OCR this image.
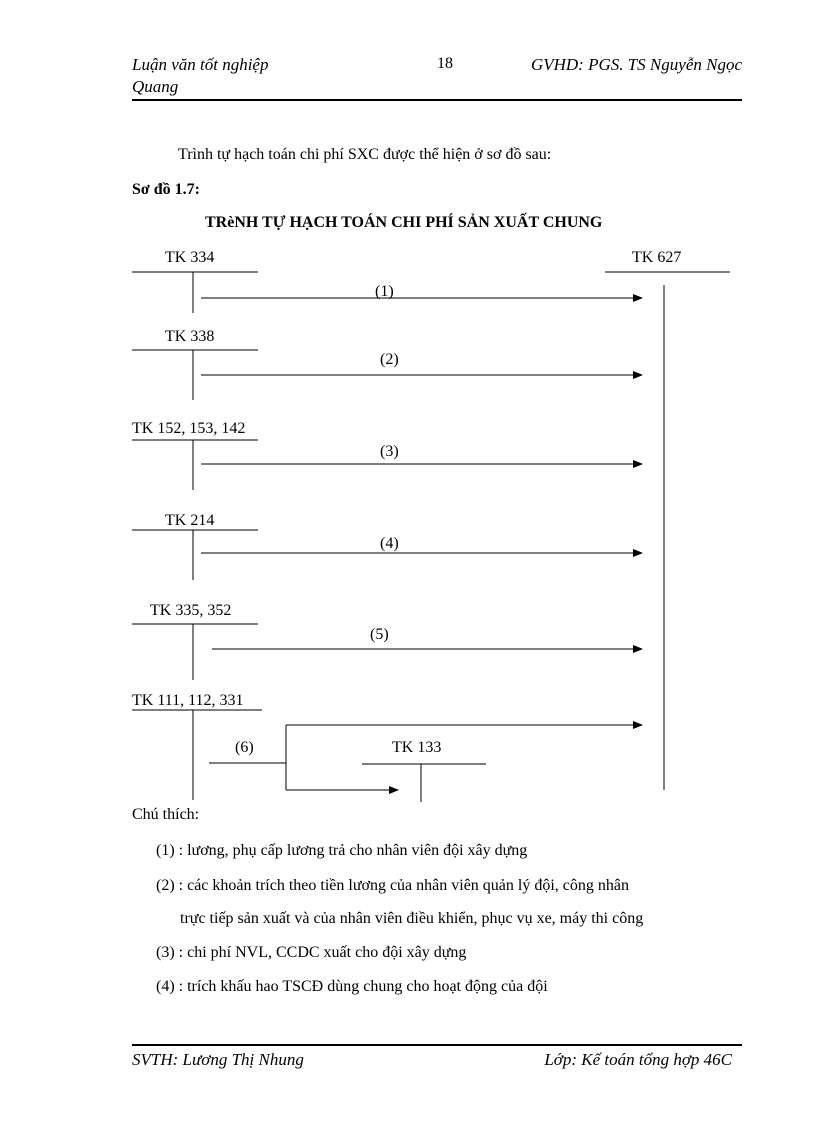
Luận văn tốt nghiệp
Quang
18	GVHD: PGS. TS Nguyễn Ngọc
Trình tự hạch toán chi phí SXC được thể hiện ở sơ đồ sau:
Sơ đồ 1.7:
TRèNH TỰ HẠCH TOÁN CHI PHÍ SẢN XUẤT CHUNG
TK 627
TK 334
(1)
TK 338
(2)
TK 152, 153, 142
(3)
TK 214
(4)
TK 335, 352
(5)
TK 111, 112, 331
(6)	TK 133
Chú thích:
(1) : lương, phụ cấp lương trả cho nhân viên đội xây dựng
(2) : các khoản trích theo tiền lương của nhân viên quản lý đội, công nhân
trực tiếp sản xuất và của nhân viên điều khiển, phục vụ xe, máy thi công
(3) : chi phí NVL, CCDC xuất cho đội xây dựng
(4) : trích khấu hao TSCĐ dùng chung cho hoạt động của đội
SVTH: Lương Thị Nhung	Lớp: Kế toán tổng hợp 46C
